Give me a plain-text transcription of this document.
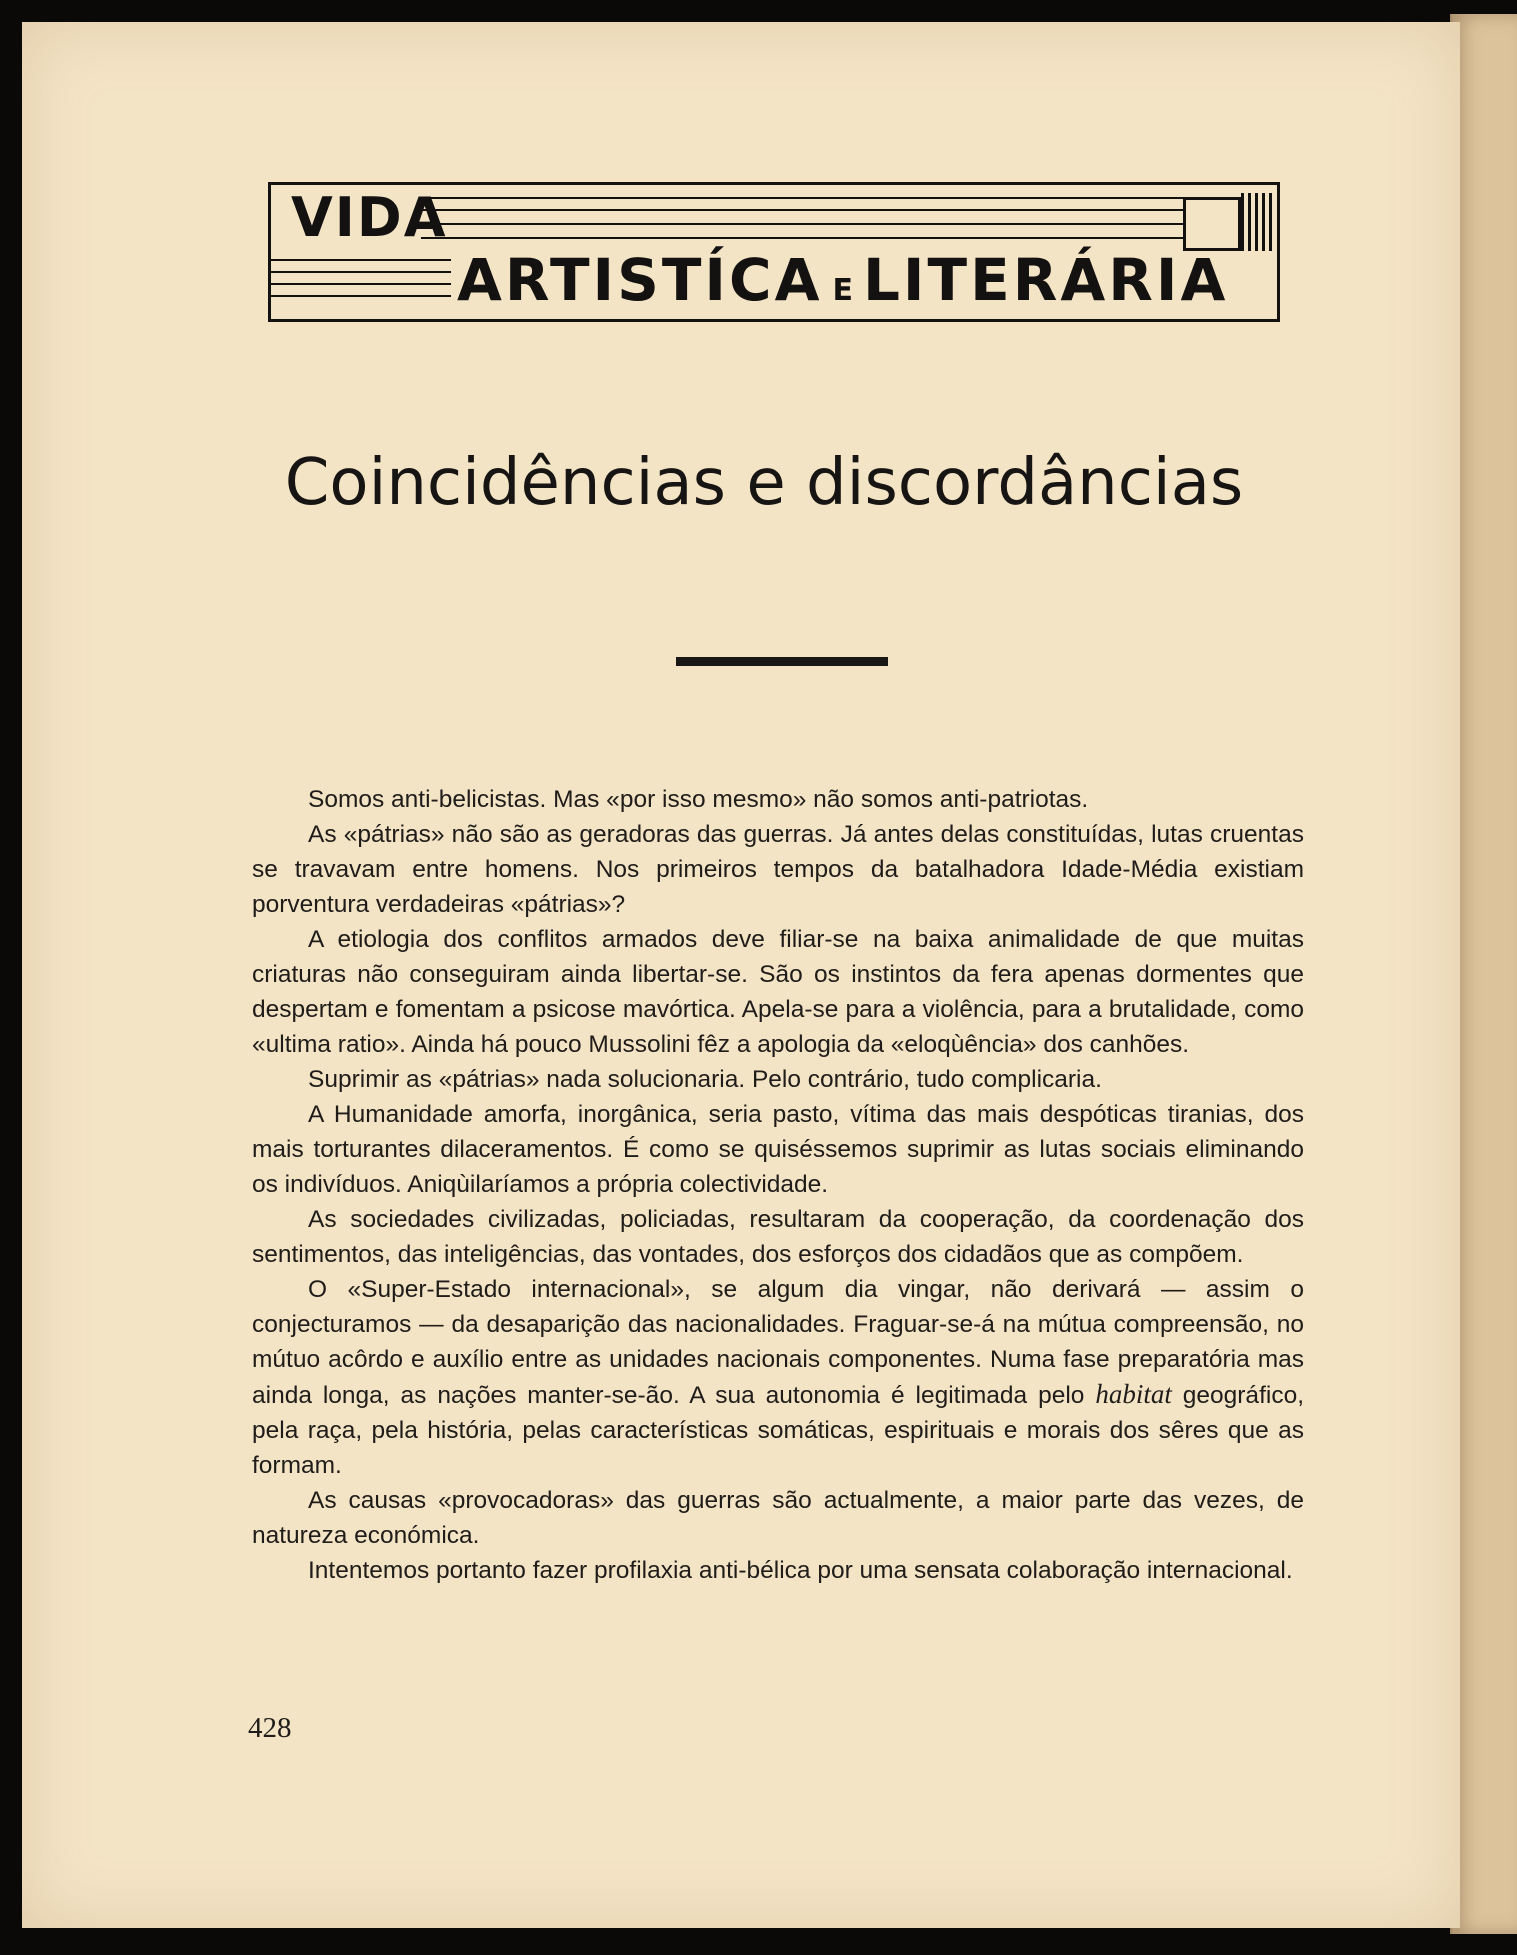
VIDA
ARTISTÍCA E LITERÁRIA
Coincidências e discordâncias

Somos anti-belicistas. Mas «por isso mesmo» não somos anti-patriotas.

As «pátrias» não são as geradoras das guerras. Já antes delas constituídas, lutas cruentas se travavam entre homens. Nos primeiros tempos da batalhadora Idade-Média existiam porventura verdadeiras «pátrias»?

A etiologia dos conflitos armados deve filiar-se na baixa animalidade de que muitas criaturas não conseguiram ainda libertar-se. São os instintos da fera apenas dormentes que despertam e fomentam a psicose mavórtica. Apela-se para a violência, para a brutalidade, como «ultima ratio». Ainda há pouco Mussolini fêz a apologia da «eloqùência» dos canhões.

Suprimir as «pátrias» nada solucionaria. Pelo contrário, tudo complicaria.

A Humanidade amorfa, inorgânica, seria pasto, vítima das mais despóticas tiranias, dos mais torturantes dilaceramentos. É como se quiséssemos suprimir as lutas sociais eliminando os indivíduos. Aniqùilaríamos a própria colectividade.

As sociedades civilizadas, policiadas, resultaram da cooperação, da coordenação dos sentimentos, das inteligências, das vontades, dos esforços dos cidadãos que as compõem.

O «Super-Estado internacional», se algum dia vingar, não derivará — assim o conjecturamos — da desaparição das nacionalidades. Fraguar-se-á na mútua compreensão, no mútuo acôrdo e auxílio entre as unidades nacionais componentes. Numa fase preparatória mas ainda longa, as nações manter-se-ão. A sua autonomia é legitimada pelo habitat geográfico, pela raça, pela história, pelas características somáticas, espirituais e morais dos sêres que as formam.

As causas «provocadoras» das guerras são actualmente, a maior parte das vezes, de natureza económica.

Intentemos portanto fazer profilaxia anti-bélica por uma sensata colaboração internacional.

428
